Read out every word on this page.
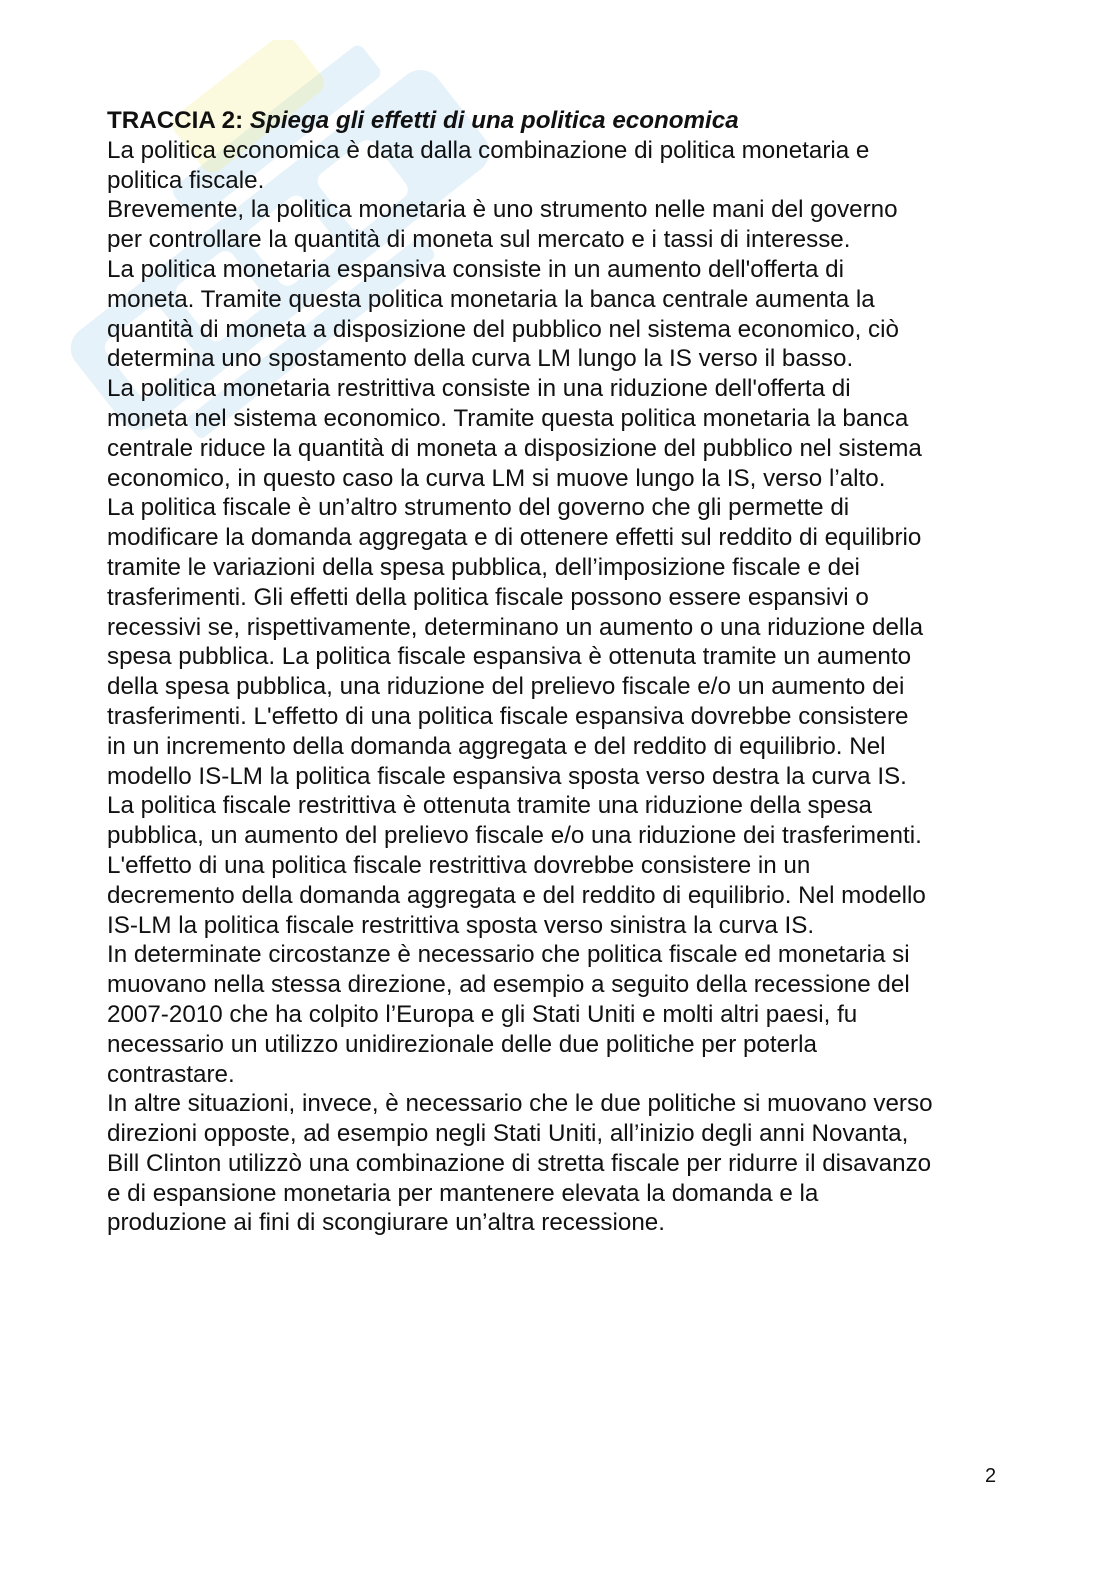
TRACCIA 2: Spiega gli effetti di una politica economica
La politica economica è data dalla combinazione di politica monetaria e
politica fiscale.
Brevemente, la politica monetaria è uno strumento nelle mani del governo
per controllare la quantità di moneta sul mercato e i tassi di interesse.
La politica monetaria espansiva consiste in un aumento dell'offerta di
moneta. Tramite questa politica monetaria la banca centrale aumenta la
quantità di moneta a disposizione del pubblico nel sistema economico, ciò
determina uno spostamento della curva LM lungo la IS verso il basso.
La politica monetaria restrittiva consiste in una riduzione dell'offerta di
moneta nel sistema economico. Tramite questa politica monetaria la banca
centrale riduce la quantità di moneta a disposizione del pubblico nel sistema
economico, in questo caso la curva LM si muove lungo la IS, verso l’alto.
La politica fiscale è un’altro strumento del governo che gli permette di
modificare la domanda aggregata e di ottenere effetti sul reddito di equilibrio
tramite le variazioni della spesa pubblica, dell’imposizione fiscale e dei
trasferimenti. Gli effetti della politica fiscale possono essere espansivi o
recessivi se, rispettivamente, determinano un aumento o una riduzione della
spesa pubblica. La politica fiscale espansiva è ottenuta tramite un aumento
della spesa pubblica, una riduzione del prelievo fiscale e/o un aumento dei
trasferimenti. L'effetto di una politica fiscale espansiva dovrebbe consistere
in un incremento della domanda aggregata e del reddito di equilibrio. Nel
modello IS-LM la politica fiscale espansiva sposta verso destra la curva IS.
La politica fiscale restrittiva è ottenuta tramite una riduzione della spesa
pubblica, un aumento del prelievo fiscale e/o una riduzione dei trasferimenti.
L'effetto di una politica fiscale restrittiva dovrebbe consistere in un
decremento della domanda aggregata e del reddito di equilibrio. Nel modello
IS-LM la politica fiscale restrittiva sposta verso sinistra la curva IS.
In determinate circostanze è necessario che politica fiscale ed monetaria si
muovano nella stessa direzione, ad esempio a seguito della recessione del
2007-2010 che ha colpito l’Europa e gli Stati Uniti e molti altri paesi, fu
necessario un utilizzo unidirezionale delle due politiche per poterla
contrastare.
In altre situazioni, invece, è necessario che le due politiche si muovano verso
direzioni opposte, ad esempio negli Stati Uniti, all’inizio degli anni Novanta,
Bill Clinton utilizzò una combinazione di stretta fiscale per ridurre il disavanzo
e di espansione monetaria per mantenere elevata la domanda e la
produzione ai fini di scongiurare un’altra recessione.
2
